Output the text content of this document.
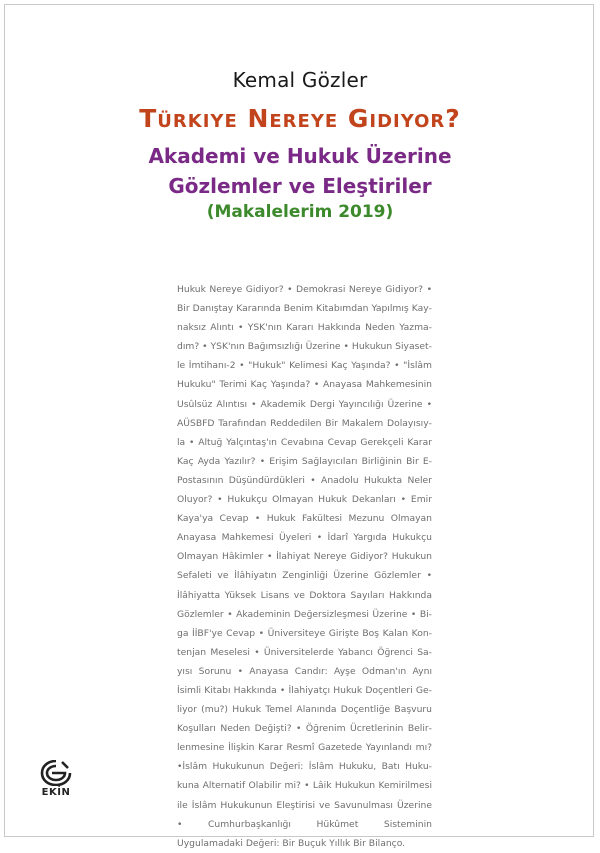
Kemal Gözler
Türkiye Nereye Gidiyor?
Akademi ve Hukuk Üzerine
Gözlemler ve Eleştiriler
(Makalelerim 2019)
Hukuk Nereye Gidiyor? • Demokrasi Nereye Gidiyor? • Bir Danıştay Kararında Benim Kitabımdan Yapılmış Kaynaksız Alıntı • YSK'nın Kararı Hakkında Neden Yazmadım? • YSK'nın Bağımsızlığı Üzerine • Hukukun Siyasetle İmtihanı-2 • "Hukuk" Kelimesi Kaç Yaşında? • "İslâm Hukuku" Terimi Kaç Yaşında? • Anayasa Mahkemesinin Usûlsüz Alıntısı • Akademik Dergi Yayıncılığı Üzerine • AÜSBFD Tarafından Reddedilen Bir Makalem Dolayısıyla • Altuğ Yalçıntaş'ın Cevabına Cevap Gerekçeli Karar Kaç Ayda Yazılır? • Erişim Sağlayıcıları Birliğinin Bir E-Postasının Düşündürdükleri • Anadolu Hukukta Neler Oluyor? • Hukukçu Olmayan Hukuk Dekanları • Emir Kaya'ya Cevap • Hukuk Fakültesi Mezunu Olmayan Anayasa Mahkemesi Üyeleri • İdarî Yargıda Hukukçu Olmayan Hâkimler • İlahiyat Nereye Gidiyor? Hukukun Sefaleti ve İlâhiyatın Zenginliği Üzerine Gözlemler • İlâhiyatta Yüksek Lisans ve Doktora Sayıları Hakkında Gözlemler • Akademinin Değersizleşmesi Üzerine • Biga İİBF'ye Cevap • Üniversiteye Girişte Boş Kalan Kontenjan Meselesi • Üniversitelerde Yabancı Öğrenci Sayısı Sorunu • Anayasa Candır: Ayşe Odman'ın Aynı İsimli Kitabı Hakkında • İlahiyatçı Hukuk Doçentleri Geliyor (mu?) Hukuk Temel Alanında Doçentliğe Başvuru Koşulları Neden Değişti? • Öğrenim Ücretlerinin Belirlenmesine İlişkin Karar Resmî Gazetede Yayınlandı mı? •İslâm Hukukunun Değeri: İslâm Hukuku, Batı Hukukuna Alternatif Olabilir mi? • Lâik Hukukun Kemirilmesi ile İslâm Hukukunun Eleştirisi ve Savunulması Üzerine • Cumhurbaşkanlığı Hükûmet Sisteminin Uygulamadaki Değeri: Bir Buçuk Yıllık Bir Bilanço.
EKİN
